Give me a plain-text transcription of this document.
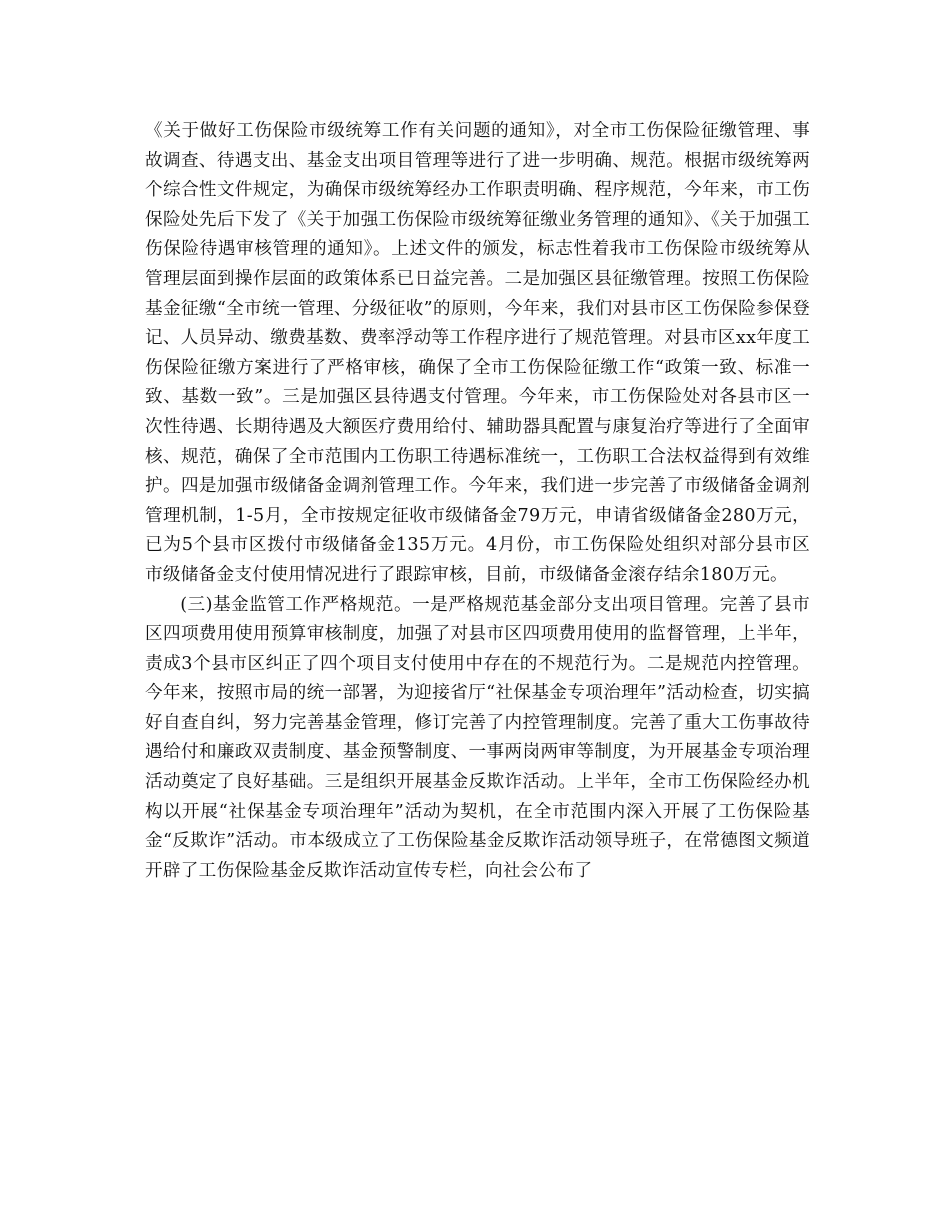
《关于做好工伤保险市级统筹工作有关问题的通知》，对全市工伤保险征缴管理、事故调查、待遇支出、基金支出项目管理等进行了进一步明确、规范。根据市级统筹两个综合性文件规定，为确保市级统筹经办工作职责明确、程序规范，今年来，市工伤保险处先后下发了《关于加强工伤保险市级统筹征缴业务管理的通知》、《关于加强工伤保险待遇审核管理的通知》。上述文件的颁发，标志性着我市工伤保险市级统筹从管理层面到操作层面的政策体系已日益完善。二是加强区县征缴管理。按照工伤保险基金征缴“全市统一管理、分级征收”的原则，今年来，我们对县市区工伤保险参保登记、人员异动、缴费基数、费率浮动等工作程序进行了规范管理。对县市区xx年度工伤保险征缴方案进行了严格审核，确保了全市工伤保险征缴工作“政策一致、标准一致、基数一致”。三是加强区县待遇支付管理。今年来，市工伤保险处对各县市区一次性待遇、长期待遇及大额医疗费用给付、辅助器具配置与康复治疗等进行了全面审核、规范，确保了全市范围内工伤职工待遇标准统一，工伤职工合法权益得到有效维护。四是加强市级储备金调剂管理工作。今年来，我们进一步完善了市级储备金调剂管理机制，1-5月，全市按规定征收市级储备金79万元，申请省级储备金280万元，已为5个县市区拨付市级储备金135万元。4月份，市工伤保险处组织对部分县市区市级储备金支付使用情况进行了跟踪审核，目前，市级储备金滚存结余180万元。

(三)基金监管工作严格规范。一是严格规范基金部分支出项目管理。完善了县市区四项费用使用预算审核制度，加强了对县市区四项费用使用的监督管理，上半年，责成3个县市区纠正了四个项目支付使用中存在的不规范行为。二是规范内控管理。今年来，按照市局的统一部署，为迎接省厅“社保基金专项治理年”活动检查，切实搞好自查自纠，努力完善基金管理，修订完善了内控管理制度。完善了重大工伤事故待遇给付和廉政双责制度、基金预警制度、一事两岗两审等制度，为开展基金专项治理活动奠定了良好基础。三是组织开展基金反欺诈活动。上半年，全市工伤保险经办机构以开展“社保基金专项治理年”活动为契机，在全市范围内深入开展了工伤保险基金“反欺诈”活动。市本级成立了工伤保险基金反欺诈活动领导班子，在常德图文频道开辟了工伤保险基金反欺诈活动宣传专栏，向社会公布了
